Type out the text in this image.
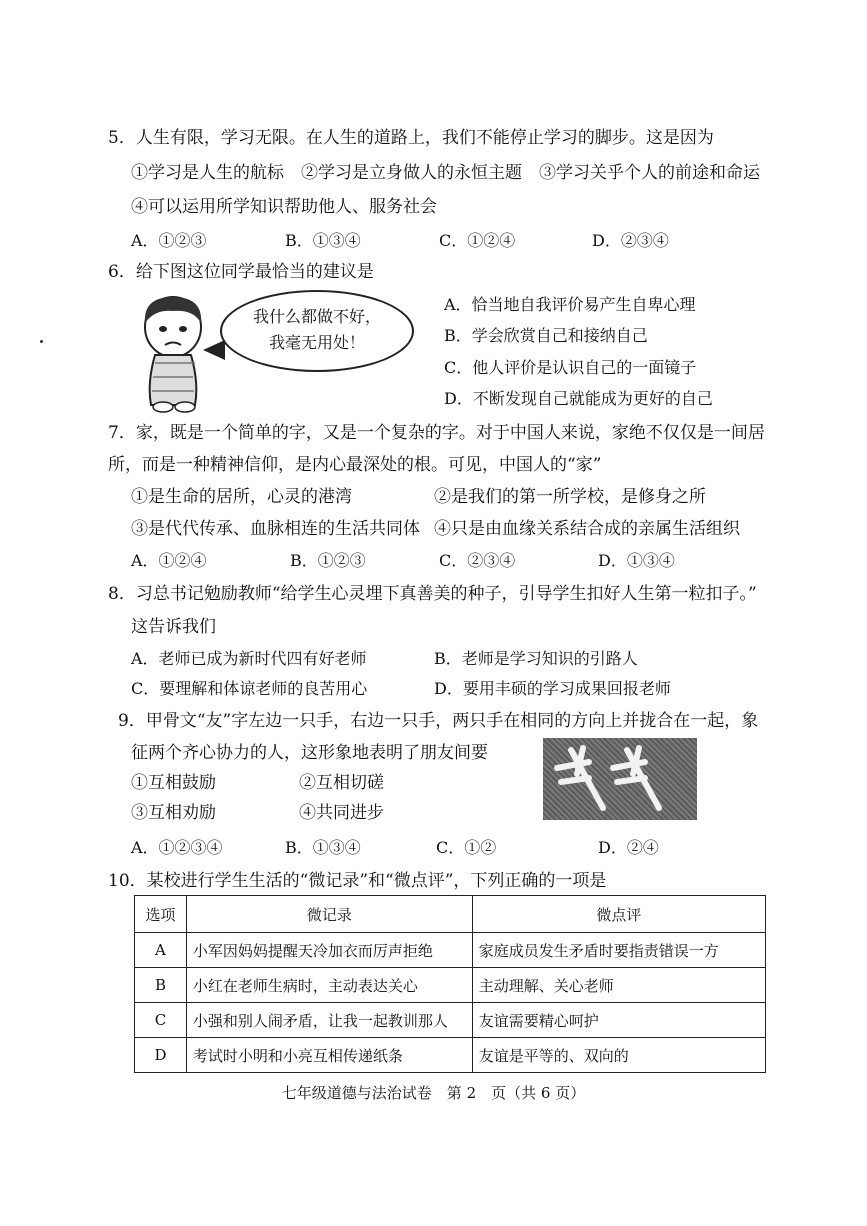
5．人生有限，学习无限。在人生的道路上，我们不能停止学习的脚步。这是因为
①学习是人生的航标　②学习是立身做人的永恒主题　③学习关乎个人的前途和命运
④可以运用所学知识帮助他人、服务社会
A．①②③	B．①③④	C．①②④	D．②③④
6．给下图这位同学最恰当的建议是
我什么都做不好，
我毫无用处！
A．恰当地自我评价易产生自卑心理
B．学会欣赏自己和接纳自己
C．他人评价是认识自己的一面镜子
D．不断发现自己就能成为更好的自己
7．家，既是一个简单的字，又是一个复杂的字。对于中国人来说，家绝不仅仅是一间居
所，而是一种精神信仰，是内心最深处的根。可见，中国人的“家”
①是生命的居所，心灵的港湾	②是我们的第一所学校，是修身之所
③是代代传承、血脉相连的生活共同体 ④只是由血缘关系结合成的亲属生活组织
A．①②④	B．①②③	C．②③④	D．①③④
8．习总书记勉励教师“给学生心灵埋下真善美的种子，引导学生扣好人生第一粒扣子。”
这告诉我们
A．老师已成为新时代四有好老师	B．老师是学习知识的引路人
C．要理解和体谅老师的良苦用心	D．要用丰硕的学习成果回报老师
9．甲骨文“友”字左边一只手，右边一只手，两只手在相同的方向上并拢合在一起，象
征两个齐心协力的人，这形象地表明了朋友间要
①互相鼓励	②互相切磋
③互相劝励	④共同进步
A．①②③④	B．①③④	C．①②	D．②④
10．某校进行学生生活的“微记录”和“微点评”，下列正确的一项是
选项	微记录	微点评
A	小军因妈妈提醒天冷加衣而厉声拒绝	家庭成员发生矛盾时要指责错误一方
B	小红在老师生病时，主动表达关心	主动理解、关心老师
C	小强和别人闹矛盾，让我一起教训那人	友谊需要精心呵护
D	考试时小明和小亮互相传递纸条	友谊是平等的、双向的
七年级道德与法治试卷　第 2　页（共 6 页）
